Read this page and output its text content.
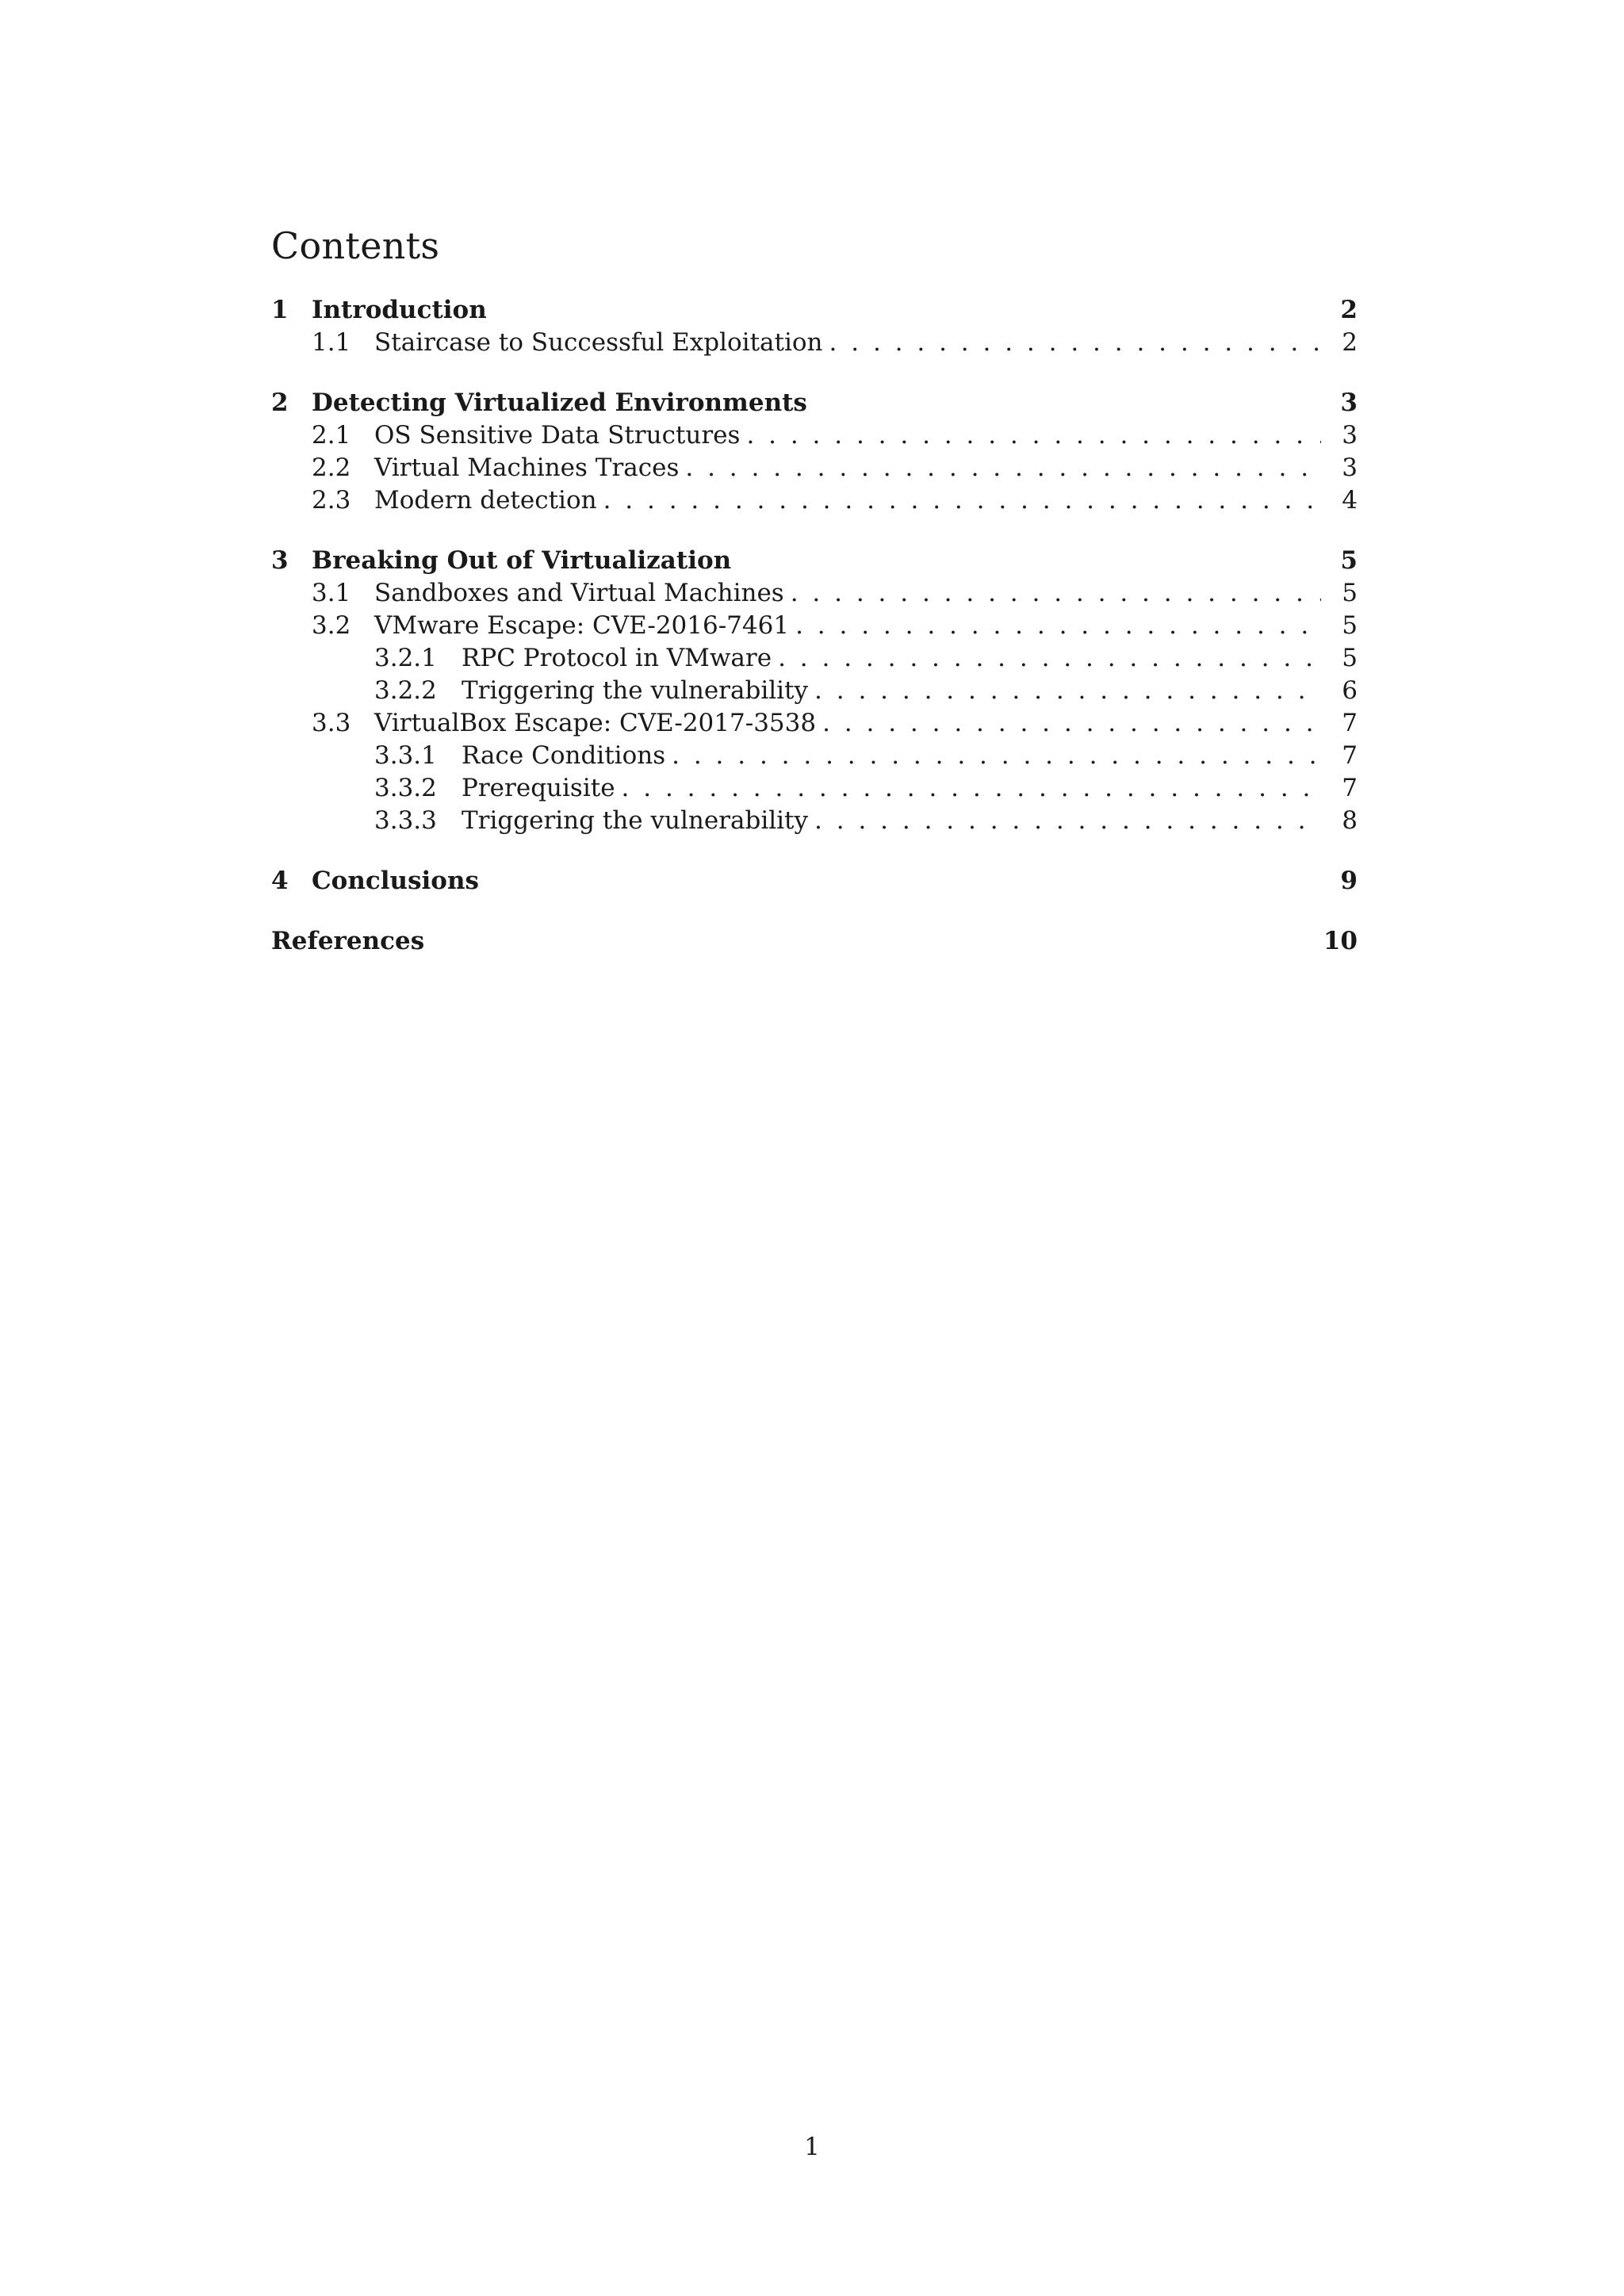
Contents
1 Introduction	2
1.1 Staircase to Successful Exploitation . . .	2
2 Detecting Virtualized Environments	3
2.1 OS Sensitive Data Structures . . .	3
2.2 Virtual Machines Traces . . .	3
2.3 Modern detection . . .	4
3 Breaking Out of Virtualization	5
3.1 Sandboxes and Virtual Machines . . .	5
3.2 VMware Escape: CVE-2016-7461 . . .	5
3.2.1	RPC Protocol in VMware . . .	5
3.2.2	Triggering the vulnerability . . .	6
3.3 VirtualBox Escape: CVE-2017-3538 . . .	7
3.3.1	Race Conditions . . .	7
3.3.2	Prerequisite . . .	7
3.3.3	Triggering the vulnerability . . .	8
4 Conclusions	9
References	10
1
